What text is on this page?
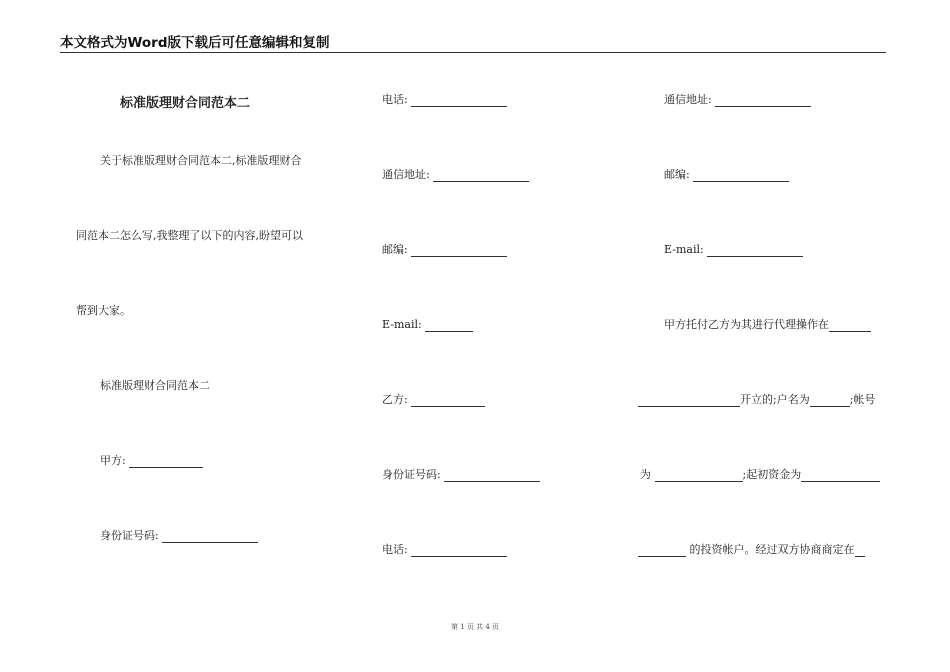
本文格式为Word版下载后可任意编辑和复制
标准版理财合同范本二
关于标准版理财合同范本二,标准版理财合
同范本二怎么写,我整理了以下的内容,盼望可以
帮到大家。
标准版理财合同范本二
甲方:
身份证号码:
电话:
通信地址:
邮编:
E-mail:
乙方:
身份证号码:
电话:
通信地址:
邮编:
E-mail:
甲方托付乙方为其进行代理操作在
开立的;户名为	;帐号
为	;起初资金为
的投资帐户。经过双方协商商定在
第 1 页 共 4 页
